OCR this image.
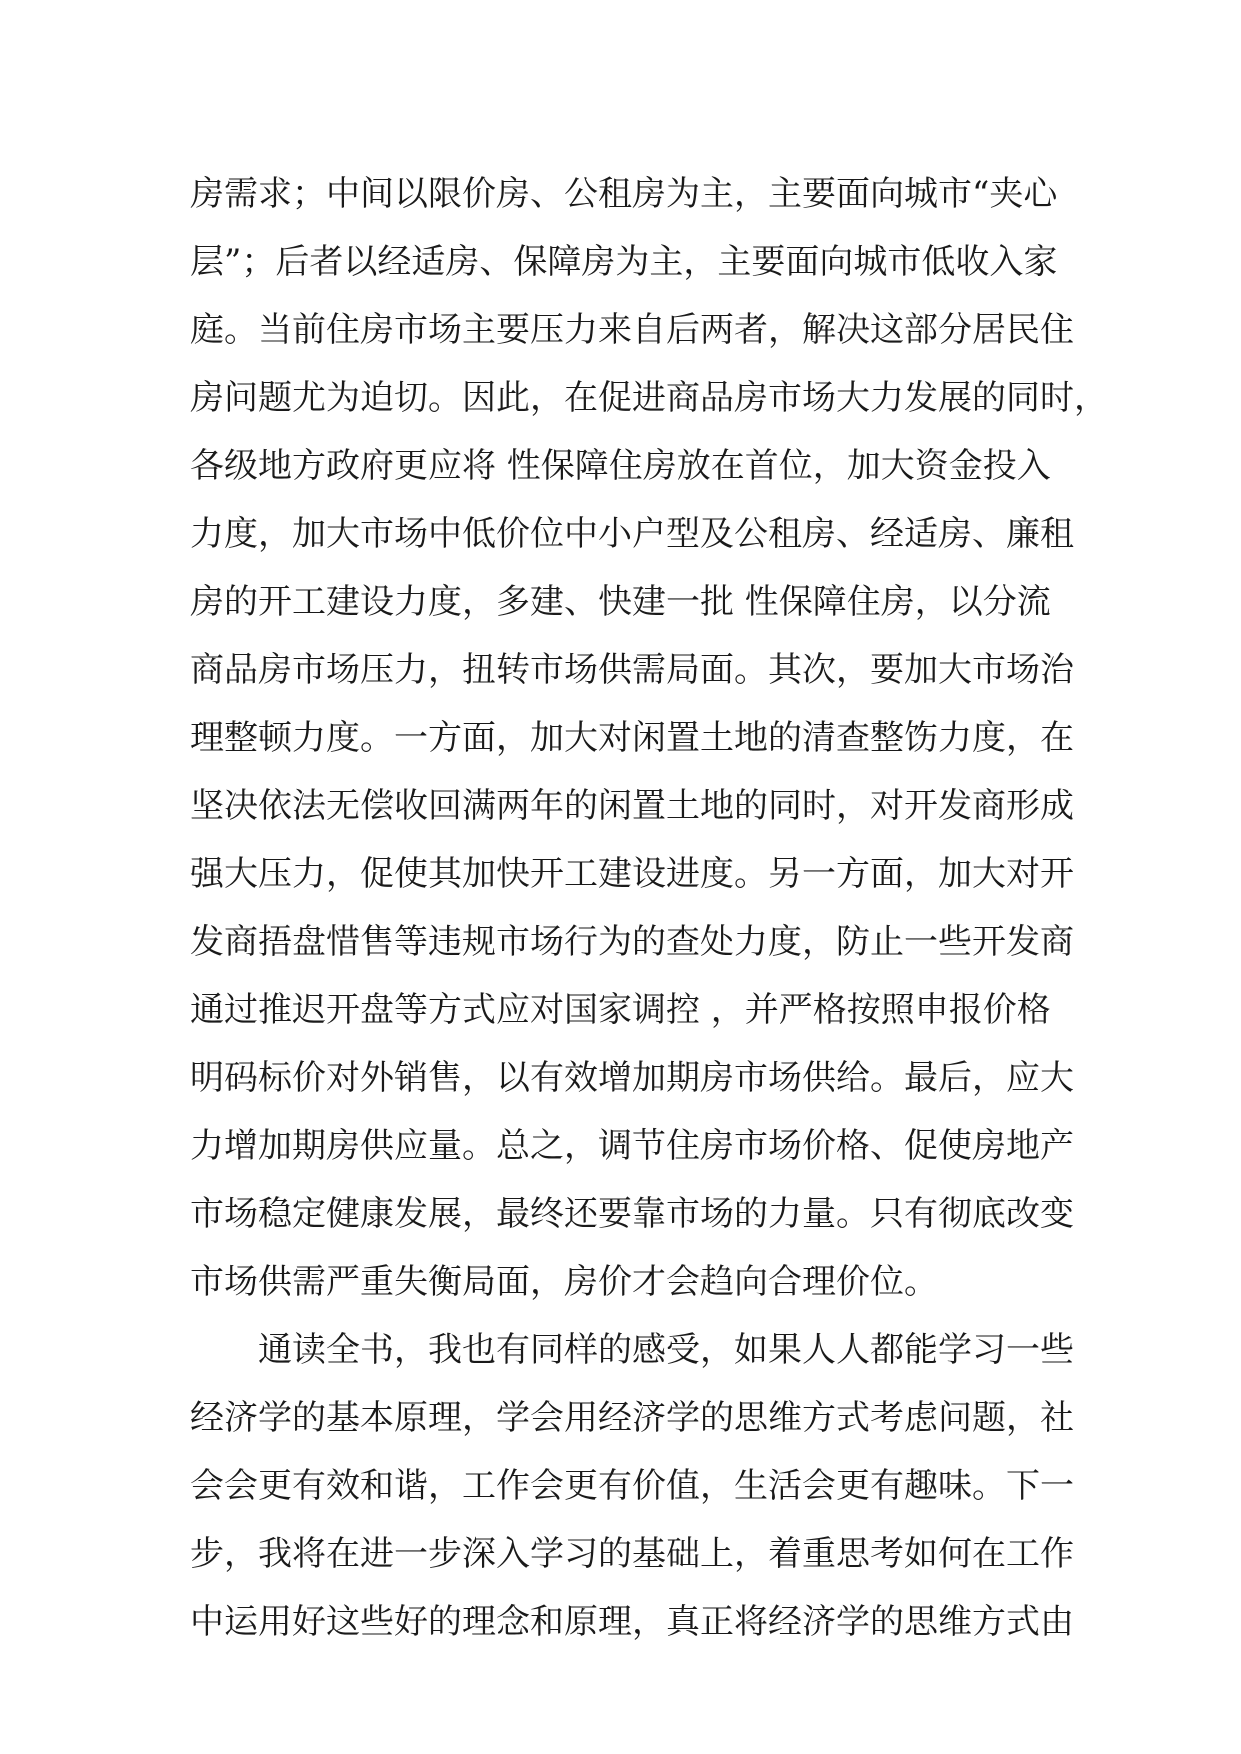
房需求；中间以限价房、公租房为主，主要面向城市“夹心
层”；后者以经适房、保障房为主，主要面向城市低收入家
庭。当前住房市场主要压力来自后两者，解决这部分居民住
房问题尤为迫切。因此，在促进商品房市场大力发展的同时，
各级地方政府更应将 性保障住房放在首位，加大资金投入
力度，加大市场中低价位中小户型及公租房、经适房、廉租
房的开工建设力度，多建、快建一批 性保障住房，以分流
商品房市场压力，扭转市场供需局面。其次，要加大市场治
理整顿力度。一方面，加大对闲置土地的清查整饬力度，在
坚决依法无偿收回满两年的闲置土地的同时，对开发商形成
强大压力，促使其加快开工建设进度。另一方面，加大对开
发商捂盘惜售等违规市场行为的查处力度，防止一些开发商
通过推迟开盘等方式应对国家调控 ，并严格按照申报价格
明码标价对外销售，以有效增加期房市场供给。最后，应大
力增加期房供应量。总之，调节住房市场价格、促使房地产
市场稳定健康发展，最终还要靠市场的力量。只有彻底改变
市场供需严重失衡局面，房价才会趋向合理价位。
通读全书，我也有同样的感受，如果人人都能学习一些
经济学的基本原理，学会用经济学的思维方式考虑问题，社
会会更有效和谐，工作会更有价值，生活会更有趣味。下一
步，我将在进一步深入学习的基础上，着重思考如何在工作
中运用好这些好的理念和原理，真正将经济学的思维方式由
